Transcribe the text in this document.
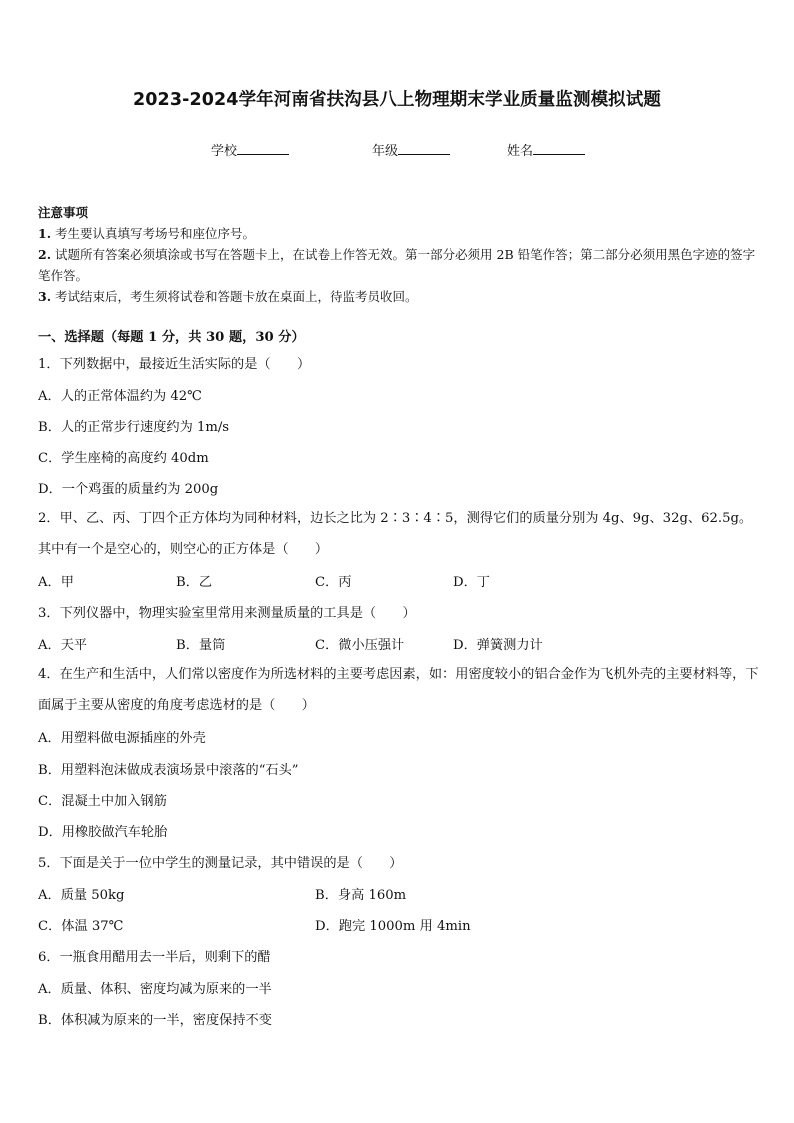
2023-2024学年河南省扶沟县八上物理期末学业质量监测模拟试题
学校	年级	姓名
注意事项
1. 考生要认真填写考场号和座位序号。
2. 试题所有答案必须填涂或书写在答题卡上，在试卷上作答无效。第一部分必须用 2B 铅笔作答；第二部分必须用黑色字迹的签字笔作答。
3. 考试结束后，考生须将试卷和答题卡放在桌面上，待监考员收回。
一、选择题（每题 1 分，共 30 题，30 分）
1．下列数据中，最接近生活实际的是（　　）
A．人的正常体温约为 42℃
B．人的正常步行速度约为 1m/s
C．学生座椅的高度约 40dm
D．一个鸡蛋的质量约为 200g
2．甲、乙、丙、丁四个正方体均为同种材料，边长之比为 2∶3∶4∶5，测得它们的质量分别为 4g、9g、32g、62.5g。其中有一个是空心的，则空心的正方体是（　　）
A．甲	B．乙	C．丙	D．丁
3．下列仪器中，物理实验室里常用来测量质量的工具是（　　）
A．天平	B．量筒	C．微小压强计	D．弹簧测力计
4．在生产和生活中，人们常以密度作为所选材料的主要考虑因素，如：用密度较小的铝合金作为飞机外壳的主要材料等，下面属于主要从密度的角度考虑选材的是（　　）
A．用塑料做电源插座的外壳
B．用塑料泡沫做成表演场景中滚落的“石头”
C．混凝土中加入钢筋
D．用橡胶做汽车轮胎
5．下面是关于一位中学生的测量记录，其中错误的是（　　）
A．质量 50kg	B．身高 160m
C．体温 37℃	D．跑完 1000m 用 4min
6．一瓶食用醋用去一半后，则剩下的醋
A．质量、体积、密度均减为原来的一半
B．体积减为原来的一半，密度保持不变
